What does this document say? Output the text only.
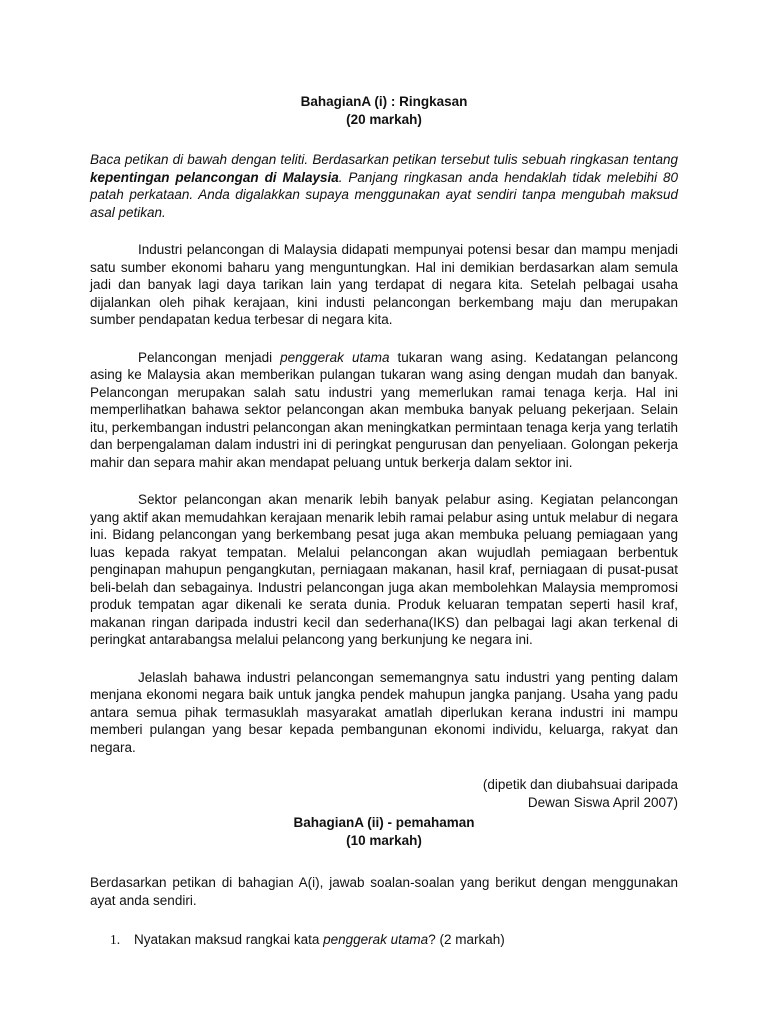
BahagianA (i) : Ringkasan
(20 markah)

Baca petikan di bawah dengan teliti. Berdasarkan petikan tersebut tulis sebuah ringkasan tentang kepentingan pelancongan di Malaysia. Panjang ringkasan anda hendaklah tidak melebihi 80 patah perkataan. Anda digalakkan supaya menggunakan ayat sendiri tanpa mengubah maksud asal petikan.

Industri pelancongan di Malaysia didapati mempunyai potensi besar dan mampu menjadi satu sumber ekonomi baharu yang menguntungkan. Hal ini demikian berdasarkan alam semula jadi dan banyak lagi daya tarikan lain yang terdapat di negara kita. Setelah pelbagai usaha dijalankan oleh pihak kerajaan, kini industi pelancongan berkembang maju dan merupakan sumber pendapatan kedua terbesar di negara kita.

Pelancongan menjadi penggerak utama tukaran wang asing. Kedatangan pelancong asing ke Malaysia akan memberikan pulangan tukaran wang asing dengan mudah dan banyak. Pelancongan merupakan salah satu industri yang memerlukan ramai tenaga kerja. Hal ini memperlihatkan bahawa sektor pelancongan akan membuka banyak peluang pekerjaan. Selain itu, perkembangan industri pelancongan akan meningkatkan permintaan tenaga kerja yang terlatih dan berpengalaman dalam industri ini di peringkat pengurusan dan penyeliaan. Golongan pekerja mahir dan separa mahir akan mendapat peluang untuk berkerja dalam sektor ini.

Sektor pelancongan akan menarik lebih banyak pelabur asing. Kegiatan pelancongan yang aktif akan memudahkan kerajaan menarik lebih ramai pelabur asing untuk melabur di negara ini. Bidang pelancongan yang berkembang pesat juga akan membuka peluang pemiagaan yang luas kepada rakyat tempatan. Melalui pelancongan akan wujudlah pemiagaan berbentuk penginapan mahupun pengangkutan, perniagaan makanan, hasil kraf, perniagaan di pusat-pusat beli-belah dan sebagainya. Industri pelancongan juga akan membolehkan Malaysia mempromosi produk tempatan agar dikenali ke serata dunia. Produk keluaran tempatan seperti hasil kraf, makanan ringan daripada industri kecil dan sederhana(IKS) dan pelbagai lagi akan terkenal di peringkat antarabangsa melalui pelancong yang berkunjung ke negara ini.

Jelaslah bahawa industri pelancongan sememangnya satu industri yang penting dalam menjana ekonomi negara baik untuk jangka pendek mahupun jangka panjang. Usaha yang padu antara semua pihak termasuklah masyarakat amatlah diperlukan kerana industri ini mampu memberi pulangan yang besar kepada pembangunan ekonomi individu, keluarga, rakyat dan negara.

(dipetik dan diubahsuai daripada
Dewan Siswa April 2007)
BahagianA (ii) - pemahaman
(10 markah)

Berdasarkan petikan di bahagian A(i), jawab soalan-soalan yang berikut dengan menggunakan ayat anda sendiri.

1. Nyatakan maksud rangkai kata penggerak utama? (2 markah)
